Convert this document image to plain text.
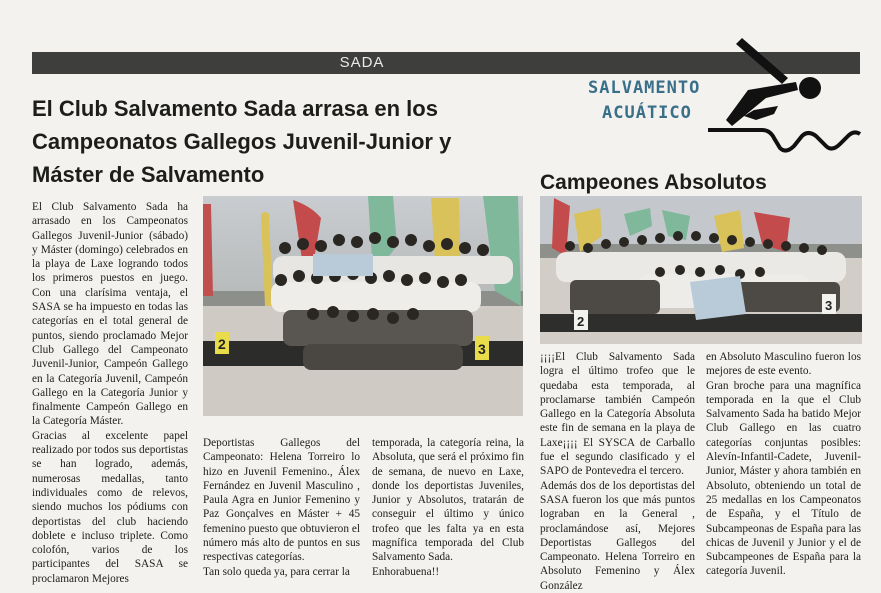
SADA
El Club Salvamento Sada arrasa en los Campeonatos Gallegos Juvenil-Junior y Máster de Salvamento
SALVAMENTO
ACUÁTICO
Campeones Absolutos
2	3
2
3

El Club Salvamento Sada ha arrasado en los Campeonatos Gallegos Juvenil-Junior (sábado) y Máster (domingo) celebrados en la playa de Laxe logrando todos los primeros puestos en juego. Con una clarísima ventaja, el SASA se ha impuesto en todas las categorías en el total general de puntos, siendo proclamado Mejor Club Gallego del Campeonato Juvenil-Junior, Campeón Gallego en la Categoría Juvenil, Campeón Gallego en la Categoría Junior y finalmente Campeón Gallego en la Categoría Máster.

Gracias al excelente papel realizado por todos sus deportistas se han logrado, además, numerosas medallas, tanto individuales como de relevos, siendo muchos los pódiums con deportistas del club haciendo doblete e incluso triplete. Como colofón, varios de los participantes del SASA se proclamaron Mejores

Deportistas Gallegos del Campeonato: Helena Torreiro lo hizo en Juvenil Femenino., Álex Fernández en Juvenil Masculino , Paula Agra en Junior Femenino y Paz Gonçalves en Máster + 45 femenino puesto que obtuvieron el número más alto de puntos en sus respectivas categorías.

Tan solo queda ya, para cerrar la

temporada, la categoría reina, la Absoluta, que será el próximo fin de semana, de nuevo en Laxe, donde los deportistas Juveniles, Junior y Absolutos, tratarán de conseguir el último y único trofeo que les falta ya en esta magnífica temporada del Club Salvamento Sada.

Enhorabuena!!

¡¡¡¡El Club Salvamento Sada logra el último trofeo que le quedaba esta temporada, al proclamarse también Campeón Gallego en la Categoría Absoluta este fin de semana en la playa de Laxe¡¡¡¡ El SYSCA de Carballo fue el segundo clasificado y el SAPO de Pontevedra el tercero.

Además dos de los deportistas del SASA fueron los que más puntos lograban en la General , proclamándose así, Mejores Deportistas Gallegos del Campeonato. Helena Torreiro en Absoluto Femenino y Álex González

en Absoluto Masculino fueron los mejores de este evento.

Gran broche para una magnífica temporada en la que el Club Salvamento Sada ha batido Mejor Club Gallego en las cuatro categorías conjuntas posibles: Alevín-Infantil-Cadete, Juvenil-Junior, Máster y ahora también en Absoluto, obteniendo un total de 25 medallas en los Campeonatos de España, y el Título de Subcampeonas de España para las chicas de Juvenil y Junior y el de Subcampeones de España para la categoría Juvenil.
